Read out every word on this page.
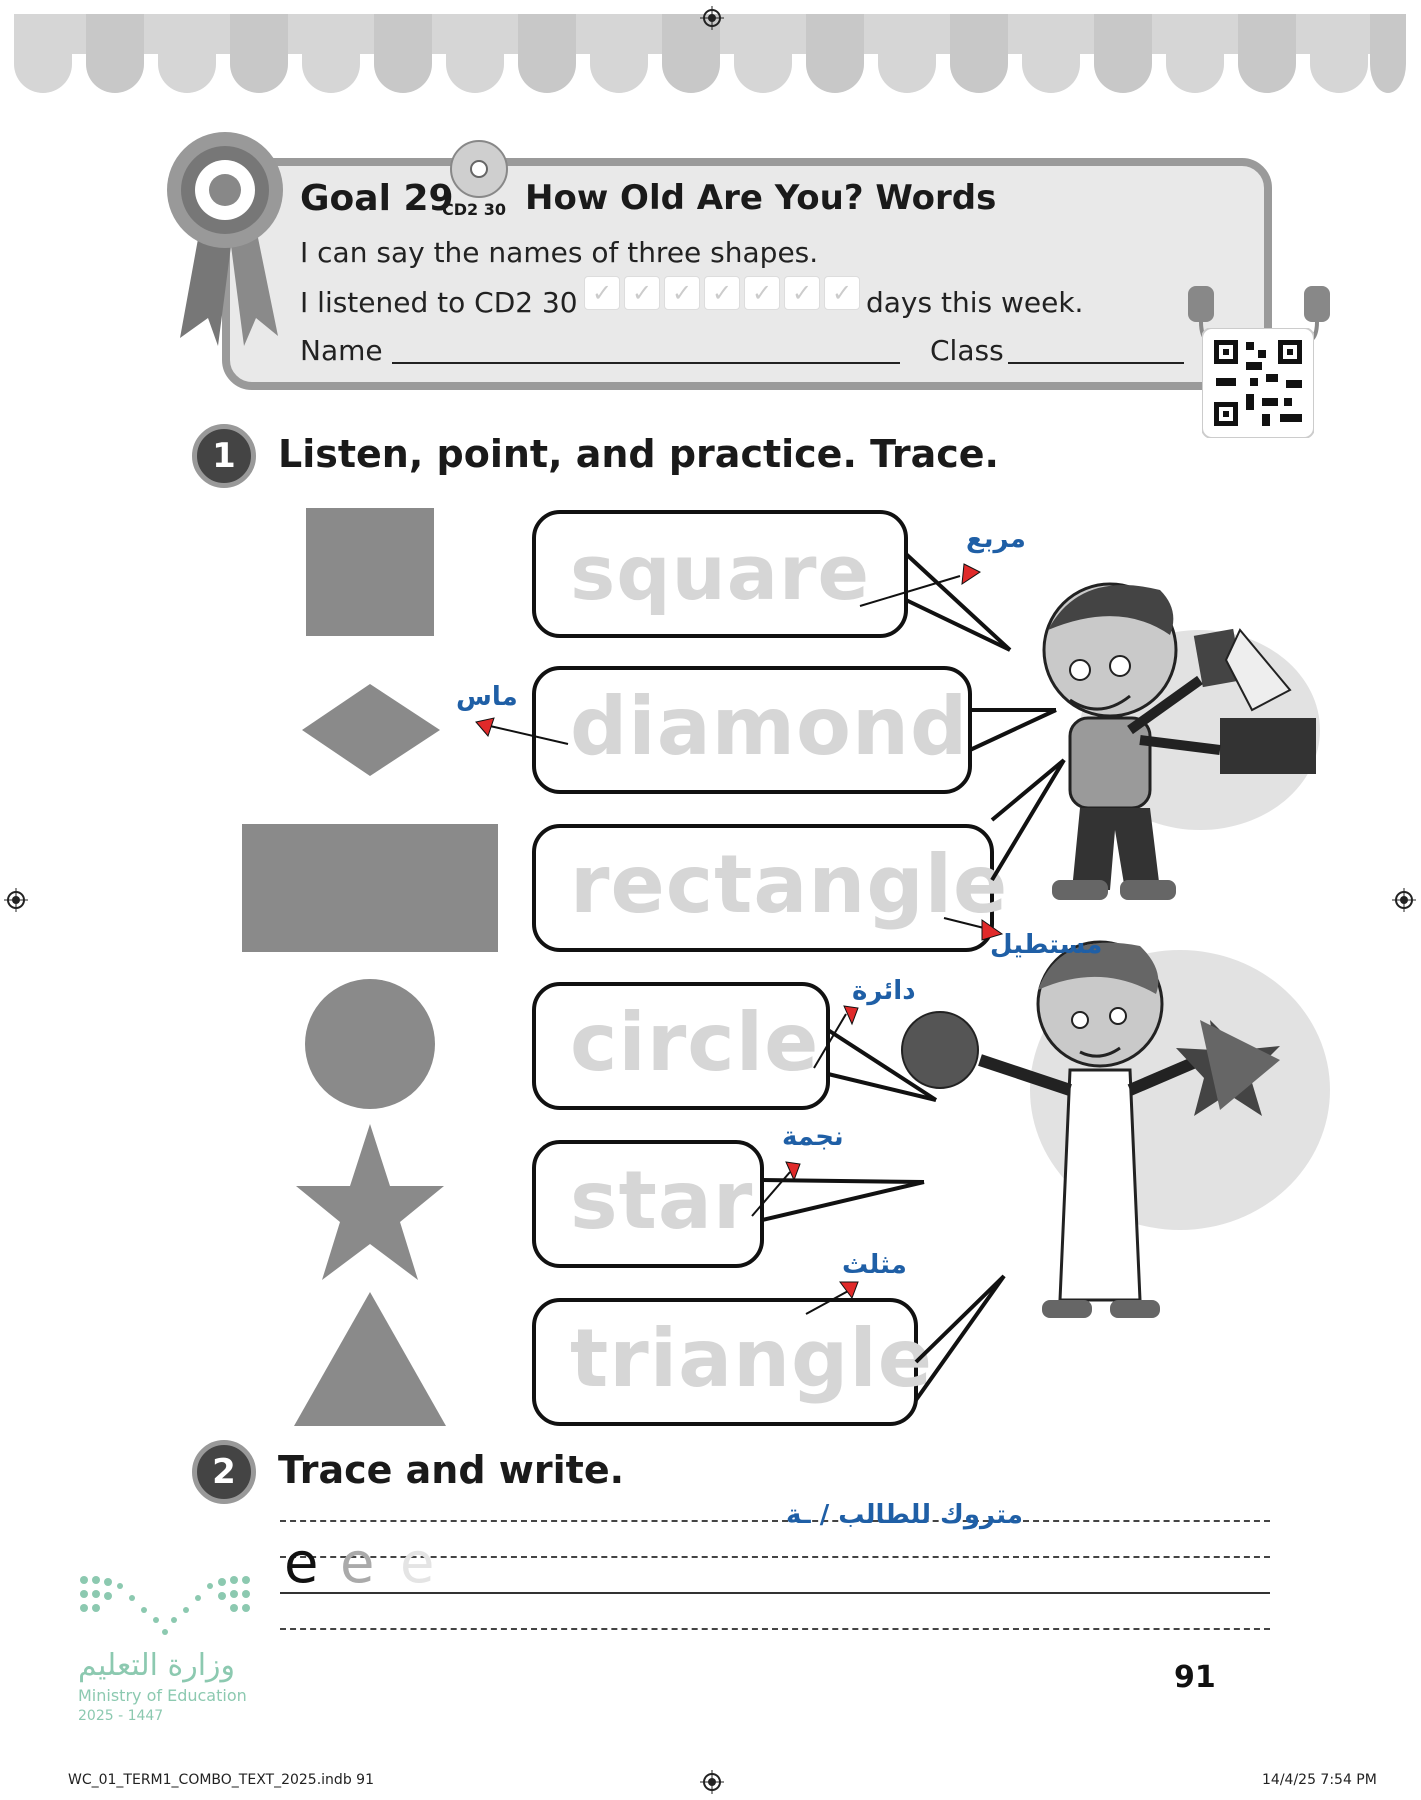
Goal 29
CD2 30 How Old Are You? Words
I can say the names of three shapes.
I listened to CD2 30 ✓ ✓ ✓ ✓ ✓ ✓ ✓ days this week.
Name	Class
1	Listen, point, and practice. Trace.
square
diamond
rectangle
circle
star
triangle
مربع
ماس
مستطيل
دائرة
نجمة
مثلث
2	Trace and write.
متروك للطالب / ـة
e e e
وزارة التعليم
Ministry of Education
2025 - 1447
91
WC_01_TERM1_COMBO_TEXT_2025.indb 91	14/4/25 7:54 PM
